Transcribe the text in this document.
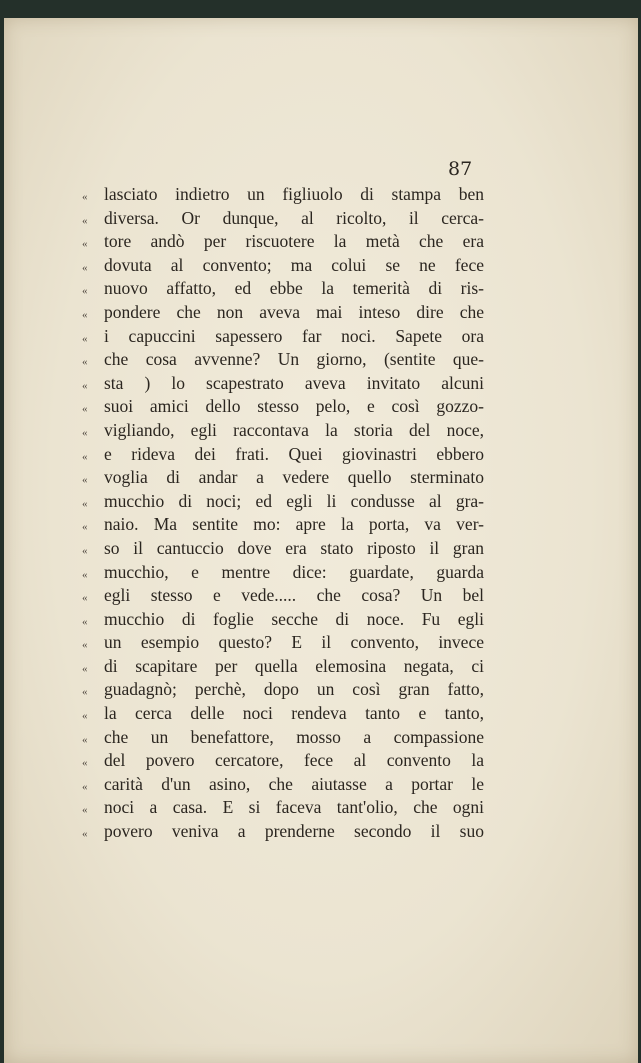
87

« lasciato indietro un figliuolo di stampa ben
« diversa. Or dunque, al ricolto, il cerca-
« tore andò per riscuotere la metà che era
« dovuta al convento; ma colui se ne fece
« nuovo affatto, ed ebbe la temerità di ris-
« pondere che non aveva mai inteso dire che
« i capuccini sapessero far noci. Sapete ora
« che cosa avvenne? Un giorno, (sentite que-
« sta ) lo scapestrato aveva invitato alcuni
« suoi amici dello stesso pelo, e così gozzo-
« vigliando, egli raccontava la storia del noce,
« e rideva dei frati. Quei giovinastri ebbero
« voglia di andar a vedere quello sterminato
« mucchio di noci; ed egli li condusse al gra-
« naio. Ma sentite mo: apre la porta, va ver-
« so il cantuccio dove era stato riposto il gran
« mucchio, e mentre dice: guardate, guarda
« egli stesso e vede..... che cosa? Un bel
« mucchio di foglie secche di noce. Fu egli
« un esempio questo? E il convento, invece
« di scapitare per quella elemosina negata, ci
« guadagnò; perchè, dopo un così gran fatto,
« la cerca delle noci rendeva tanto e tanto,
« che un benefattore, mosso a compassione
« del povero cercatore, fece al convento la
« carità d'un asino, che aiutasse a portar le
« noci a casa. E si faceva tant'olio, che ogni
« povero veniva a prenderne secondo il suo
